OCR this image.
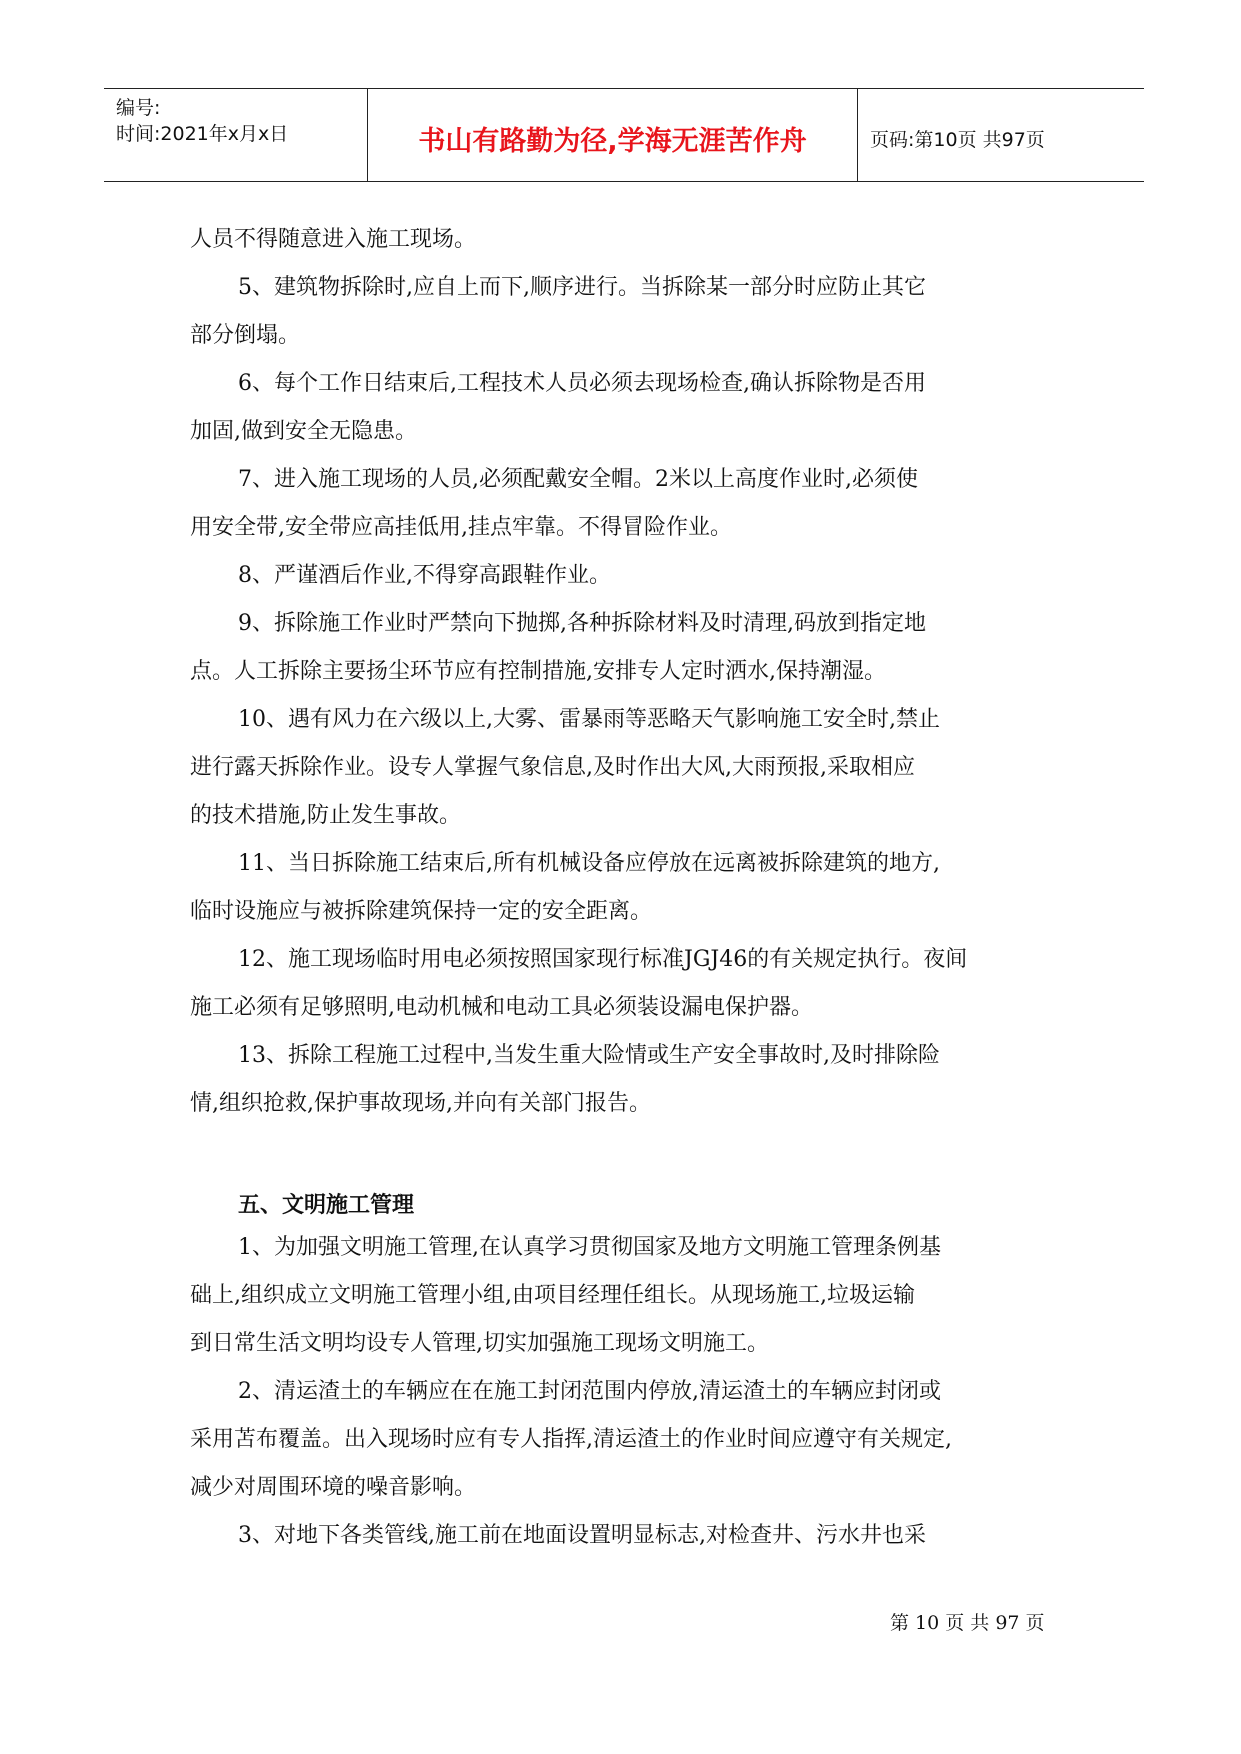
编号:
时间:2021年x月x日	书山有路勤为径,学海无涯苦作舟	页码:第10页 共97页
人员不得随意进入施工现场。
5、建筑物拆除时,应自上而下,顺序进行。当拆除某一部分时应防止其它
部分倒塌。
6、每个工作日结束后,工程技术人员必须去现场检查,确认拆除物是否用
加固,做到安全无隐患。
7、进入施工现场的人员,必须配戴安全帽。2米以上高度作业时,必须使
用安全带,安全带应高挂低用,挂点牢靠。不得冒险作业。
8、严谨酒后作业,不得穿高跟鞋作业。
9、拆除施工作业时严禁向下抛掷,各种拆除材料及时清理,码放到指定地
点。人工拆除主要扬尘环节应有控制措施,安排专人定时洒水,保持潮湿。
10、遇有风力在六级以上,大雾、雷暴雨等恶略天气影响施工安全时,禁止
进行露天拆除作业。设专人掌握气象信息,及时作出大风,大雨预报,采取相应
的技术措施,防止发生事故。
11、当日拆除施工结束后,所有机械设备应停放在远离被拆除建筑的地方,
临时设施应与被拆除建筑保持一定的安全距离。
12、施工现场临时用电必须按照国家现行标准JGJ46的有关规定执行。夜间
施工必须有足够照明,电动机械和电动工具必须装设漏电保护器。
13、拆除工程施工过程中,当发生重大险情或生产安全事故时,及时排除险
情,组织抢救,保护事故现场,并向有关部门报告。
五、文明施工管理
1、为加强文明施工管理,在认真学习贯彻国家及地方文明施工管理条例基
础上,组织成立文明施工管理小组,由项目经理任组长。从现场施工,垃圾运输
到日常生活文明均设专人管理,切实加强施工现场文明施工。
2、清运渣土的车辆应在在施工封闭范围内停放,清运渣土的车辆应封闭或
采用苫布覆盖。出入现场时应有专人指挥,清运渣土的作业时间应遵守有关规定,
减少对周围环境的噪音影响。
3、对地下各类管线,施工前在地面设置明显标志,对检查井、污水井也采
第 10 页 共 97 页
